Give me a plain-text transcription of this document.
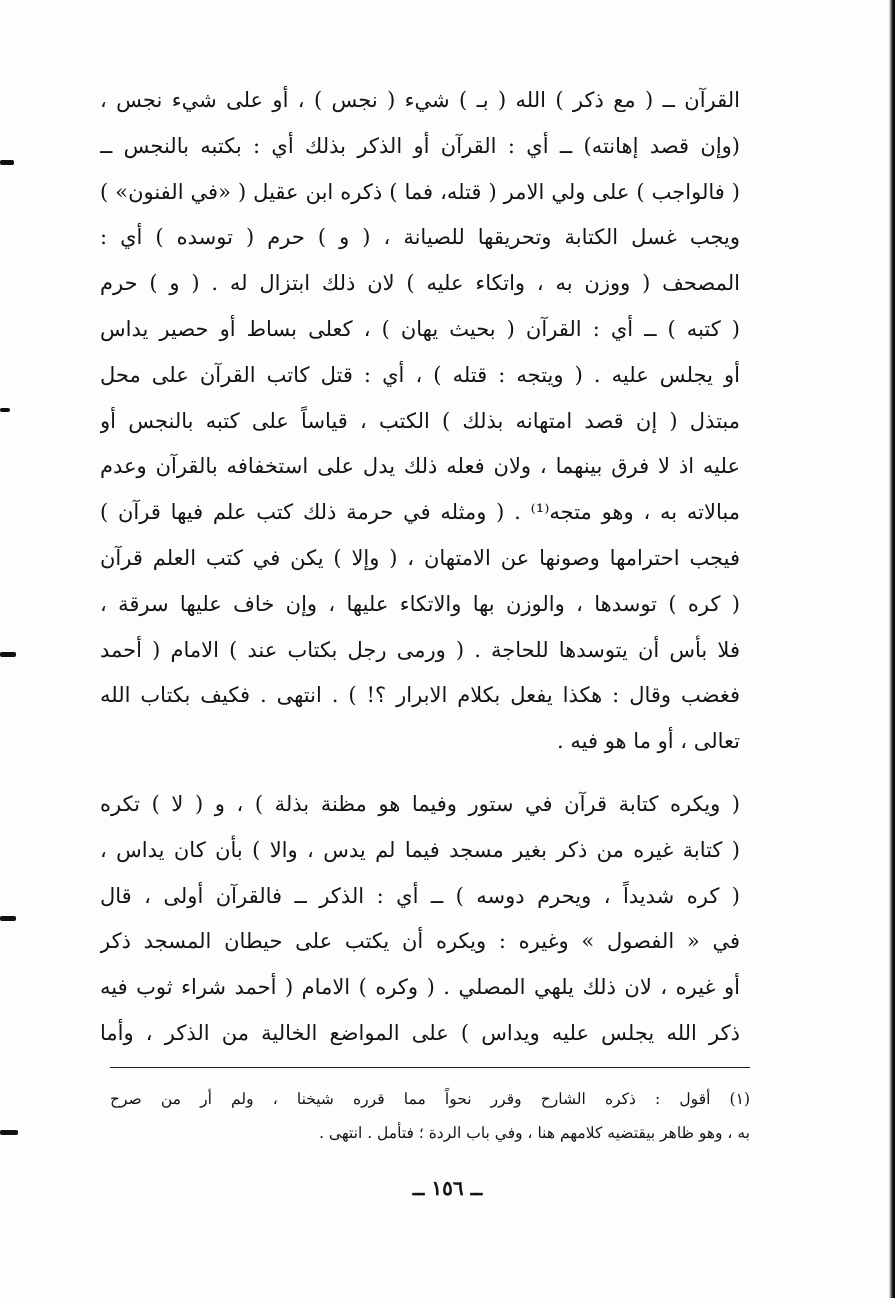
القرآن ــ ( مع ذكر ) الله ( بـ ) شيء ( نجس ) ، أو على شيء نجس ،
(وإن قصد إهانته) ــ أي : القرآن أو الذكر بذلك أي : بكتبه بالنجس ــ
( فالواجب ) على ولي الامر ( قتله، فما ) ذكره ابن عقيل ( «في الفنون» )
ويجب غسل الكتابة وتحريقها للصيانة ، ( و ) حرم ( توسده ) أي :
المصحف ( ووزن به ، واتكاء عليه ) لان ذلك ابتزال له . ( و ) حرم
( كتبه ) ــ أي : القرآن ( بحيث يهان ) ، كعلى بساط أو حصير يداس
أو يجلس عليه . ( ويتجه : قتله ) ، أي : قتل كاتب القرآن على محل
مبتذل ( إن قصد امتهانه بذلك ) الكتب ، قياساً على كتبه بالنجس أو
عليه اذ لا فرق بينهما ، ولان فعله ذلك يدل على استخفافه بالقرآن وعدم
مبالاته به ، وهو متجه⁽¹⁾ . ( ومثله في حرمة ذلك كتب علم فيها قرآن )
فيجب احترامها وصونها عن الامتهان ، ( وإلا ) يكن في كتب العلم قرآن
( كره ) توسدها ، والوزن بها والاتكاء عليها ، وإن خاف عليها سرقة ،
فلا بأس أن يتوسدها للحاجة . ( ورمى رجل بكتاب عند ) الامام ( أحمد
فغضب وقال : هكذا يفعل بكلام الابرار ؟! ) . انتهى . فكيف بكتاب الله
تعالى ، أو ما هو فيه .
( ويكره كتابة قرآن في ستور وفيما هو مظنة بذلة ) ، و ( لا ) تكره
( كتابة غيره من ذكر بغير مسجد فيما لم يدس ، والا ) بأن كان يداس ،
( كره شديداً ، ويحرم دوسه ) ــ أي : الذكر ــ فالقرآن أولى ، قال
في « الفصول » وغيره : ويكره أن يكتب على حيطان المسجد ذكر
أو غيره ، لان ذلك يلهي المصلي . ( وكره ) الامام ( أحمد شراء ثوب فيه
ذكر الله يجلس عليه ويداس ) على المواضع الخالية من الذكر ، وأما
(١) أقول : ذكره الشارح وقرر نحواً مما قرره شيخنا ، ولم أر من صرح
به ، وهو ظاهر بيقتضيه كلامهم هنا ، وفي باب الردة ؛ فتأمل . انتهى .
ــ ١٥٦ ــ
